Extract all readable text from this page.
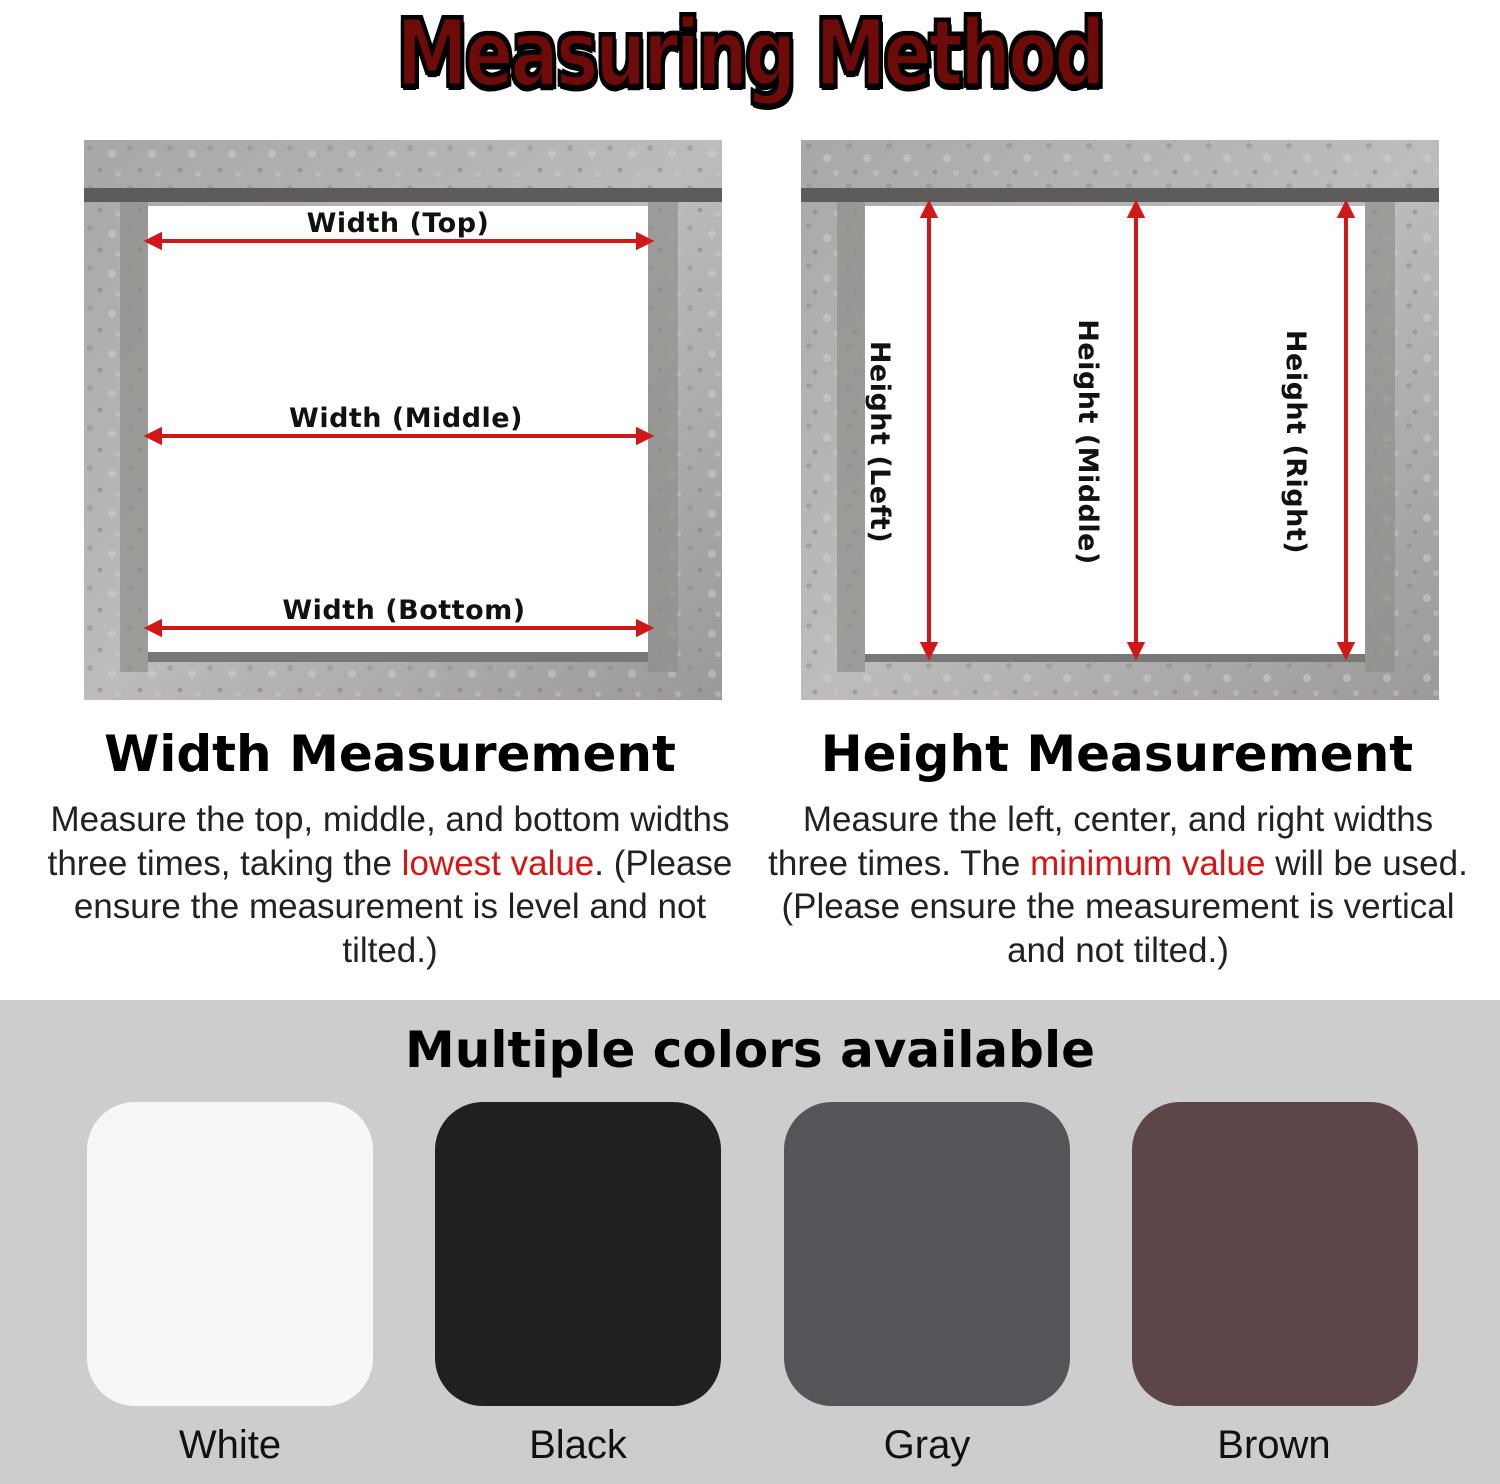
Measuring Method
Width (Top)
Width (Middle)
Width (Bottom)
Height (Left)	Height (Middle)	Height (Right)
Width Measurement	Height Measurement
Measure the top, middle, and bottom widths three times, taking the lowest value. (Please ensure the measurement is level and not tilted.)
Measure the left, center, and right widths three times. The minimum value will be used.(Please ensure the measurement is vertical and not tilted.)
Multiple colors available
White	Black	Gray	Brown
